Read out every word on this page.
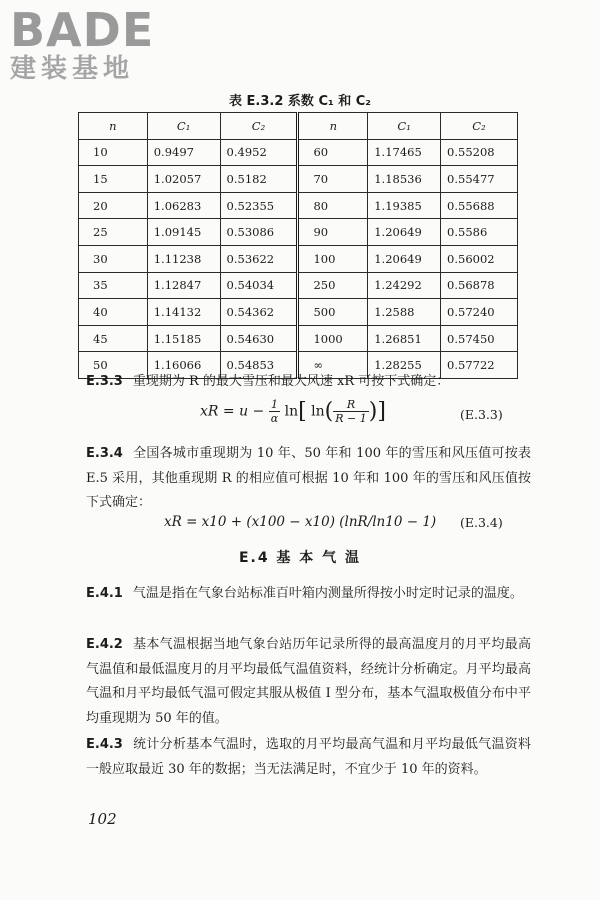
BADE
建装基地
表 E.3.2 系数 C₁ 和 C₂
n	C₁	C₂	n	C₁	C₂
10	0.9497	0.4952	60	1.17465	0.55208
15	1.02057	0.5182	70	1.18536	0.55477
20	1.06283	0.52355	80	1.19385	0.55688
25	1.09145	0.53086	90	1.20649	0.5586
30	1.11238	0.53622	100	1.20649	0.56002
35	1.12847	0.54034	250	1.24292	0.56878
40	1.14132	0.54362	500	1.2588	0.57240
45	1.15185	0.54630	1000	1.26851	0.57450
50	1.16066	0.54853	∞	1.28255	0.57722
E.3.3 重现期为 R 的最大雪压和最大风速 xR 可按下式确定：
xR = $u - \frac{1}{\alpha} \ln$[ $\ln( \frac{R}{R - 1}$ )]	(E.3.3)
E.3.4 全国各城市重现期为 10 年、50 年和 100 年的雪压和风压值可按表 E.5 采用，其他重现期 R 的相应值可根据 10 年和 100 年的雪压和风压值按下式确定：
xR = x10 + (x100 − x10) (lnR/ln10 − 1) (E.3.4)
E.4 基 本 气 温
E.4.1 气温是指在气象台站标准百叶箱内测量所得按小时定时记录的温度。
E.4.2 基本气温根据当地气象台站历年记录所得的最高温度月的月平均最高气温值和最低温度月的月平均最低气温值资料，经统计分析确定。月平均最高气温和月平均最低气温可假定其服从极值 I 型分布，基本气温取极值分布中平均重现期为 50 年的值。
E.4.3 统计分析基本气温时，选取的月平均最高气温和月平均最低气温资料一般应取最近 30 年的数据；当无法满足时，不宜少于 10 年的资料。
102
